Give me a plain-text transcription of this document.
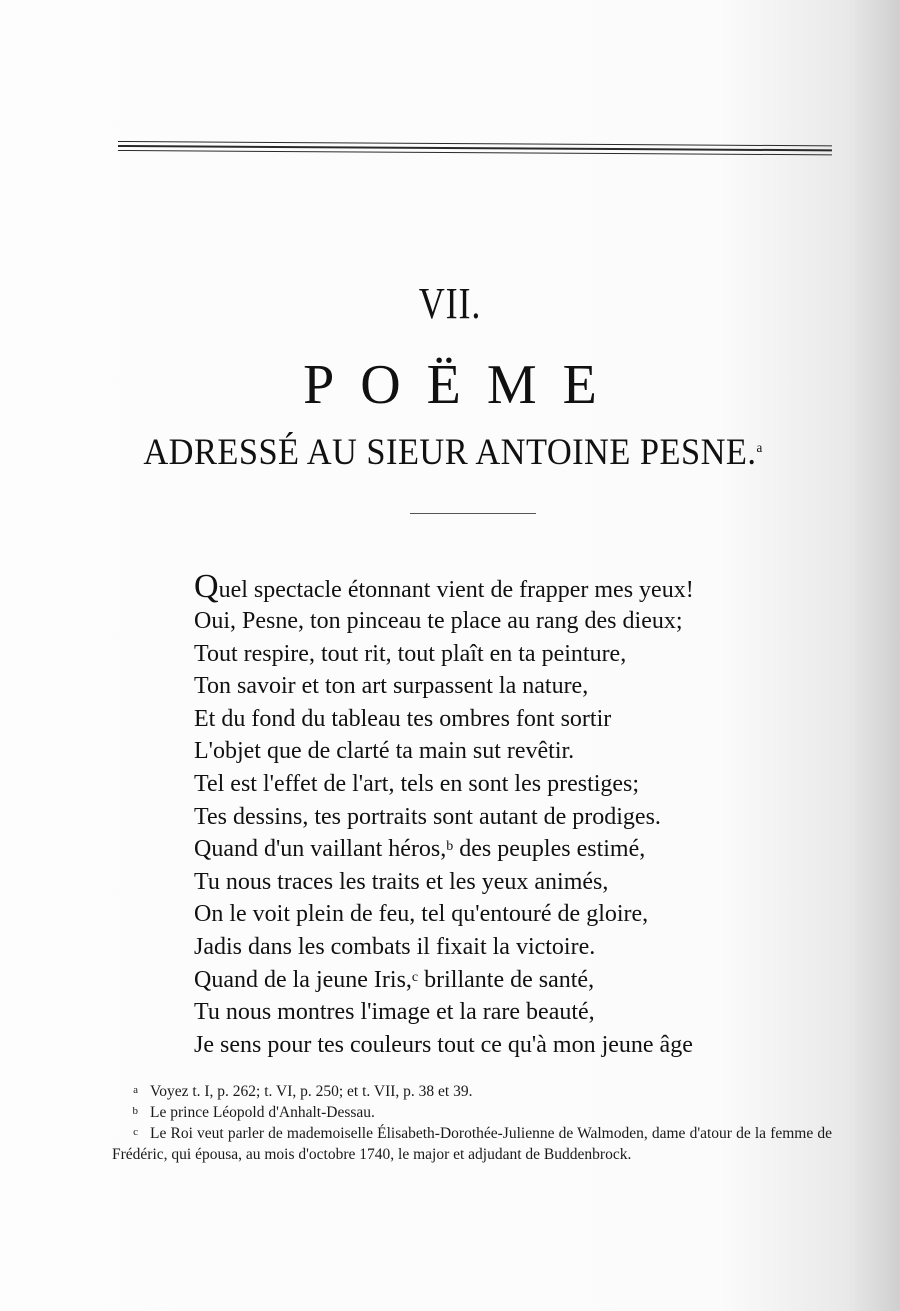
VII.
POËME
ADRESSÉ AU SIEUR ANTOINE PESNE.$^a$
Quel spectacle étonnant vient de frapper mes yeux!
Oui, Pesne, ton pinceau te place au rang des dieux;
Tout respire, tout rit, tout plaît en ta peinture,
Ton savoir et ton art surpassent la nature,
Et du fond du tableau tes ombres font sortir
L'objet que de clarté ta main sut revêtir.
Tel est l'effet de l'art, tels en sont les prestiges;
Tes dessins, tes portraits sont autant de prodiges.
Quand d'un vaillant héros,$^b$ des peuples estimé,
Tu nous traces les traits et les yeux animés,
On le voit plein de feu, tel qu'entouré de gloire,
Jadis dans les combats il fixait la victoire.
Quand de la jeune Iris,$^c$ brillante de santé,
Tu nous montres l'image et la rare beauté,
Je sens pour tes couleurs tout ce qu'à mon jeune âge
a Voyez t. I, p. 262; t. VI, p. 250; et t. VII, p. 38 et 39.
b Le prince Léopold d'Anhalt-Dessau.
c Le Roi veut parler de mademoiselle Élisabeth-Dorothée-Julienne de Walmoden, dame d'atour de la femme de Frédéric, qui épousa, au mois d'octobre 1740, le major et adjudant de Buddenbrock.
